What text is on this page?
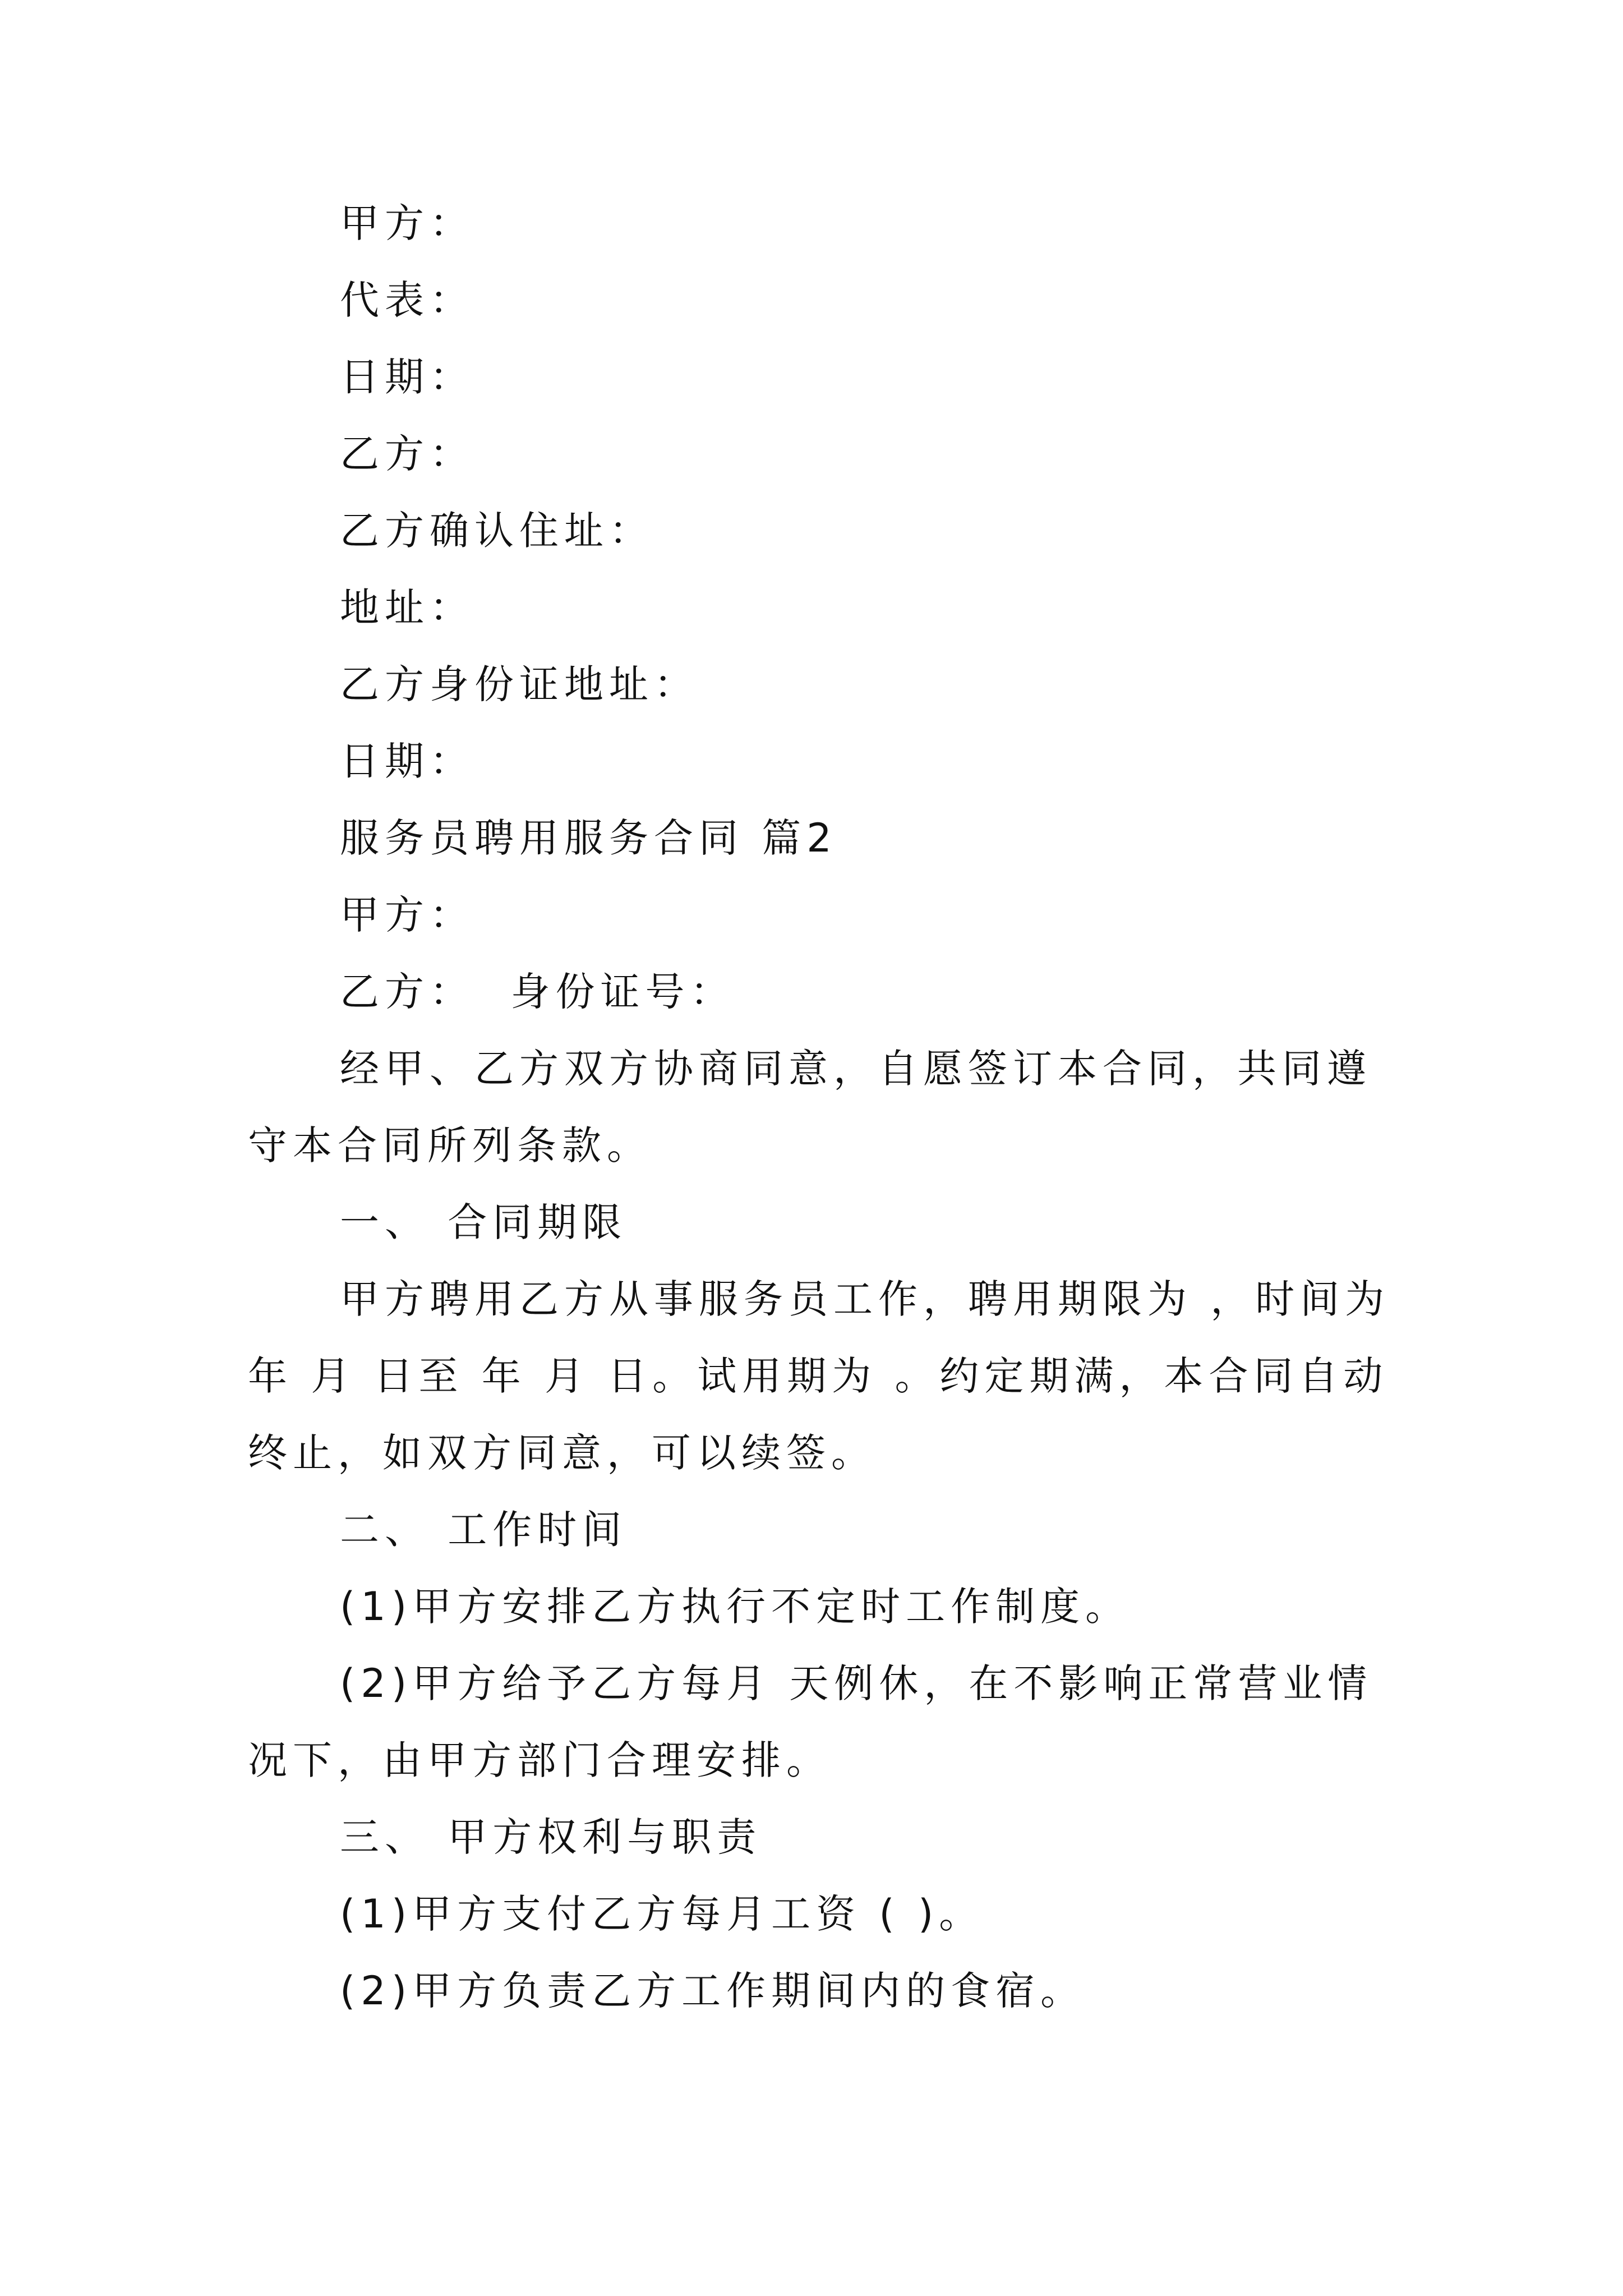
甲方：

代表：

日期：

乙方：

乙方确认住址：

地址：

乙方身份证地址：

日期：

服务员聘用服务合同 篇2

甲方：

乙方：  身份证号：

经甲、乙方双方协商同意，自愿签订本合同，共同遵守本合同所列条款。

一、 合同期限

甲方聘用乙方从事服务员工作，聘用期限为 ，时间为 年 月 日至 年 月 日。试用期为 。约定期满，本合同自动终止，如双方同意，可以续签。

二、 工作时间

(1)甲方安排乙方执行不定时工作制度。

(2)甲方给予乙方每月 天例休，在不影响正常营业情况下，由甲方部门合理安排。

三、 甲方权利与职责

(1)甲方支付乙方每月工资 ( )。

(2)甲方负责乙方工作期间内的食宿。
